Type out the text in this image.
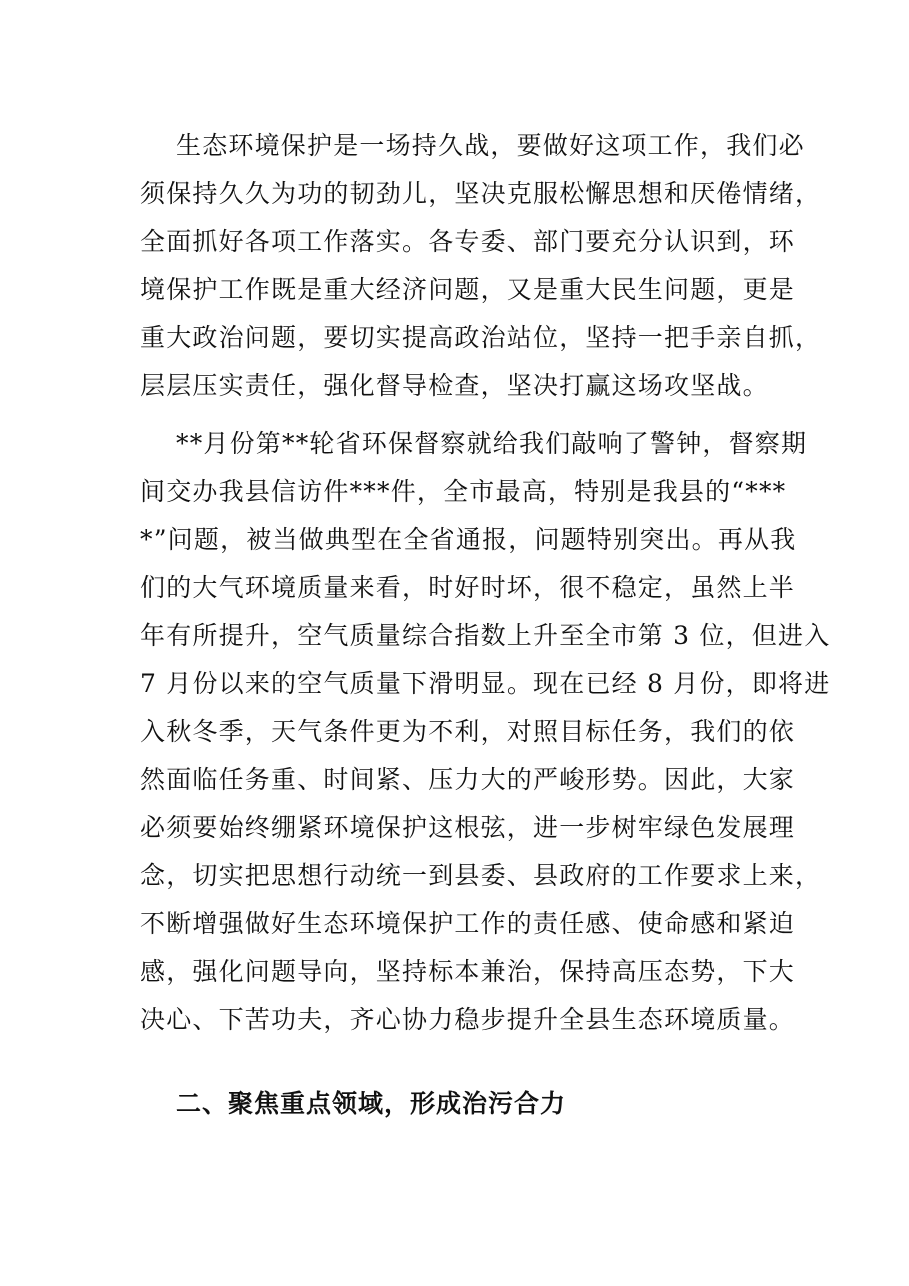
生态环境保护是一场持久战，要做好这项工作，我们必
须保持久久为功的韧劲儿，坚决克服松懈思想和厌倦情绪，
全面抓好各项工作落实。各专委、部门要充分认识到，环
境保护工作既是重大经济问题，又是重大民生问题，更是
重大政治问题，要切实提高政治站位，坚持一把手亲自抓，
层层压实责任，强化督导检查，坚决打赢这场攻坚战。
**月份第**轮省环保督察就给我们敲响了警钟，督察期
间交办我县信访件***件，全市最高，特别是我县的“***
*”问题，被当做典型在全省通报，问题特别突出。再从我
们的大气环境质量来看，时好时坏，很不稳定，虽然上半
年有所提升，空气质量综合指数上升至全市第 3 位，但进入
7 月份以来的空气质量下滑明显。现在已经 8 月份，即将进
入秋冬季，天气条件更为不利，对照目标任务，我们的依
然面临任务重、时间紧、压力大的严峻形势。因此，大家
必须要始终绷紧环境保护这根弦，进一步树牢绿色发展理
念，切实把思想行动统一到县委、县政府的工作要求上来，
不断增强做好生态环境保护工作的责任感、使命感和紧迫
感，强化问题导向，坚持标本兼治，保持高压态势，下大
决心、下苦功夫，齐心协力稳步提升全县生态环境质量。
二、聚焦重点领域，形成治污合力
